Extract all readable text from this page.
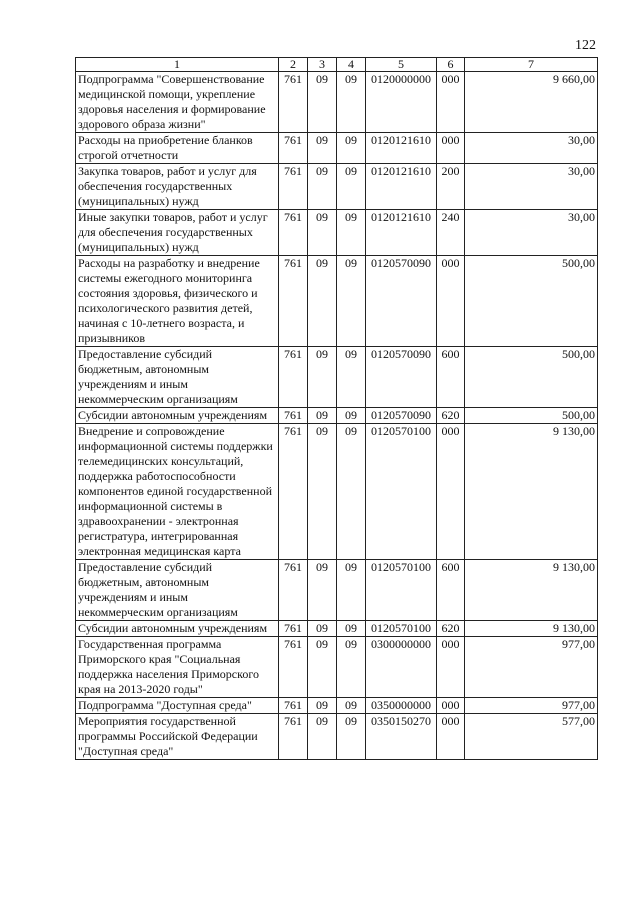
122
1	2	3	4	5	6	7
Подпрограмма "Совершенствование медицинской помощи, укрепление здоровья населения и формирование здорового образа жизни"	761	09	09	0120000000	000	9 660,00
Расходы на приобретение бланков строгой отчетности	761	09	09	0120121610	000	30,00
Закупка товаров, работ и услуг для обеспечения государственных (муниципальных) нужд	761	09	09	0120121610	200	30,00
Иные закупки товаров, работ и услуг для обеспечения государственных (муниципальных) нужд	761	09	09	0120121610	240	30,00
Расходы на разработку и внедрение системы ежегодного мониторинга состояния здоровья, физического и психологического развития детей, начиная с 10-летнего возраста, и призывников	761	09	09	0120570090	000	500,00
Предоставление субсидий бюджетным, автономным учреждениям и иным некоммерческим организациям	761	09	09	0120570090	600	500,00
Субсидии автономным учреждениям	761	09	09	0120570090	620	500,00
Внедрение и сопровождение информационной системы поддержки телемедицинских консультаций, поддержка работоспособности компонентов единой государственной информационной системы в здравоохранении - электронная регистратура, интегрированная электронная медицинская карта	761	09	09	0120570100	000	9 130,00
Предоставление субсидий бюджетным, автономным учреждениям и иным некоммерческим организациям	761	09	09	0120570100	600	9 130,00
Субсидии автономным учреждениям	761	09	09	0120570100	620	9 130,00
Государственная программа Приморского края "Социальная поддержка населения Приморского края на 2013-2020 годы"	761	09	09	0300000000	000	977,00
Подпрограмма "Доступная среда"	761	09	09	0350000000	000	977,00
Мероприятия государственной программы Российской Федерации "Доступная среда"	761	09	09	0350150270	000	577,00
